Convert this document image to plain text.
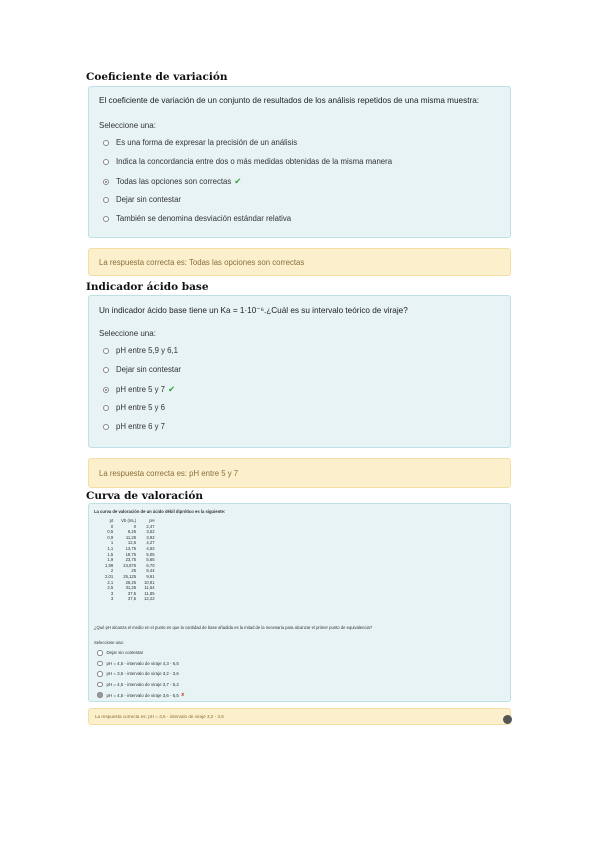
Coeficiente de variación
El coeficiente de variación de un conjunto de resultados de los análisis repetidos de una misma muestra:
Seleccione una:
Es una forma de expresar la precisión de un análisis
Indica la concordancia entre dos o más medidas obtenidas de la misma manera
Todas las opciones son correctas ✔
Dejar sin contestar
También se denomina desviación estándar relativa
La respuesta correcta es: Todas las opciones son correctas
Indicador ácido base
Un indicador ácido base tiene un Ka = 1·10⁻⁶.¿Cuál es su intervalo teórico de viraje?
Seleccione una:
pH entre 5,9 y 6,1
Dejar sin contestar
pH entre 5 y 7 ✔
pH entre 5 y 6
pH entre 6 y 7
La respuesta correcta es: pH entre 5 y 7
Curva de valoración
La curva de valoración de un ácido débil diprótico es la siguiente:
pt	Vb (mL)	pH
0	0	2,47
0,5	6,25	3,52
0,9	11,25	3,92
1	12,5	4,27
1,1	13,75	4,62
1,5	18,75	5,05
1,9	23,75	5,65
1,99	24,875	6,70
2	25	8,44
2,01	25,125	9,91
2,1	26,25	10,91
2,5	31,25	11,54
3	37,5	11,85
3	37,5	12,22
¿Qué pH alcanza el medio en el punto en que la cantidad de base añadida es la mitad de la necesaria para alcanzar el primer punto de equivalencia?
Seleccione una:
Dejar sin contestar
pH = 4,5 - intervalo de viraje 4,3 - 6,5
pH = 3,5 - intervalo de viraje 3,2 - 3,6
pH = 4,5 - intervalo de viraje 3,7 - 5,2
pH = 4,5 - intervalo de viraje 3,6 - 5,5 ✘
La respuesta correcta es: pH = 3,5 - intervalo de viraje 3,2 - 3,6
